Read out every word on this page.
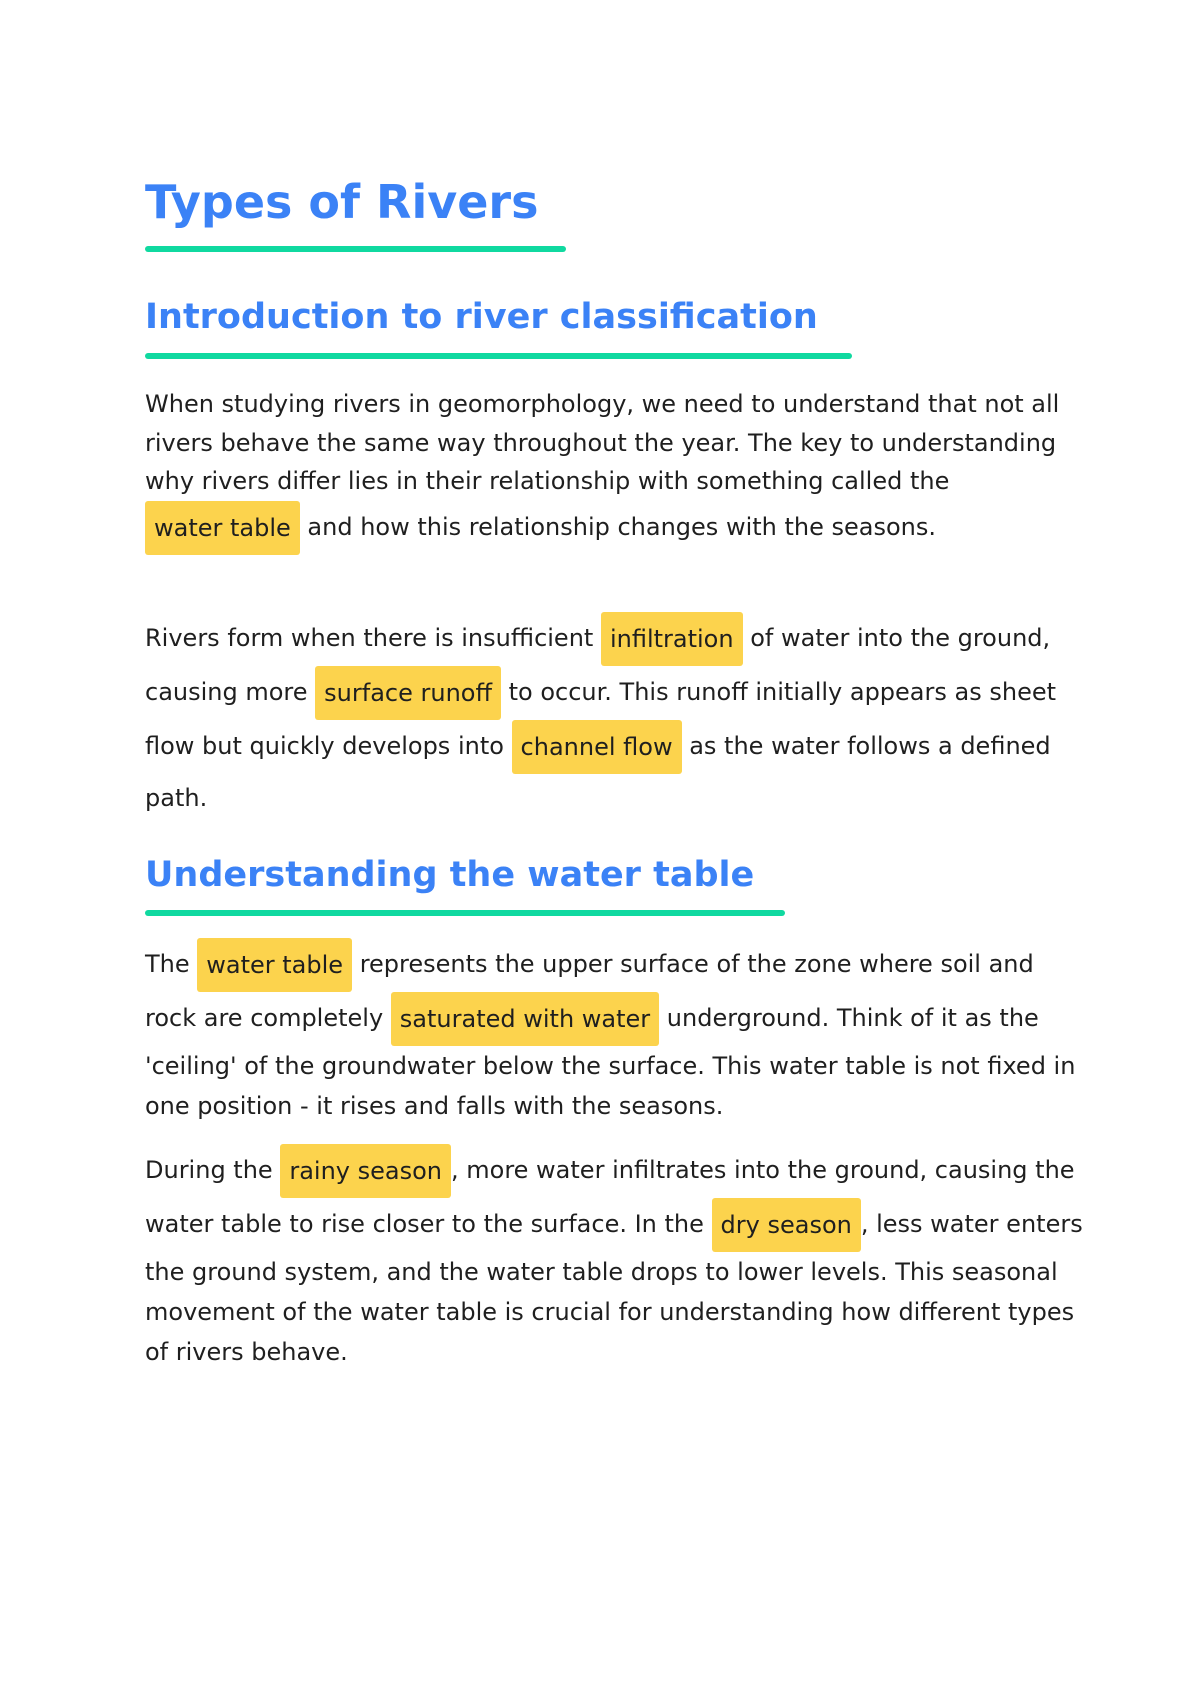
Types of Rivers
Introduction to river classification

When studying rivers in geomorphology, we need to understand that not all rivers behave the same way throughout the year. The key to understanding why rivers differ lies in their relationship with something called the water table and how this relationship changes with the seasons.

Rivers form when there is insufficient infiltration of water into the ground, causing more surface runoff to occur. This runoff initially appears as sheet flow but quickly develops into channel flow as the water follows a defined path.

Understanding the water table

The water table represents the upper surface of the zone where soil and rock are completely saturated with water underground. Think of it as the 'ceiling' of the groundwater below the surface. This water table is not fixed in one position - it rises and falls with the seasons.

During the rainy season , more water infiltrates into the ground, causing the water table to rise closer to the surface. In the dry season , less water enters the ground system, and the water table drops to lower levels. This seasonal movement of the water table is crucial for understanding how different types of rivers behave.
